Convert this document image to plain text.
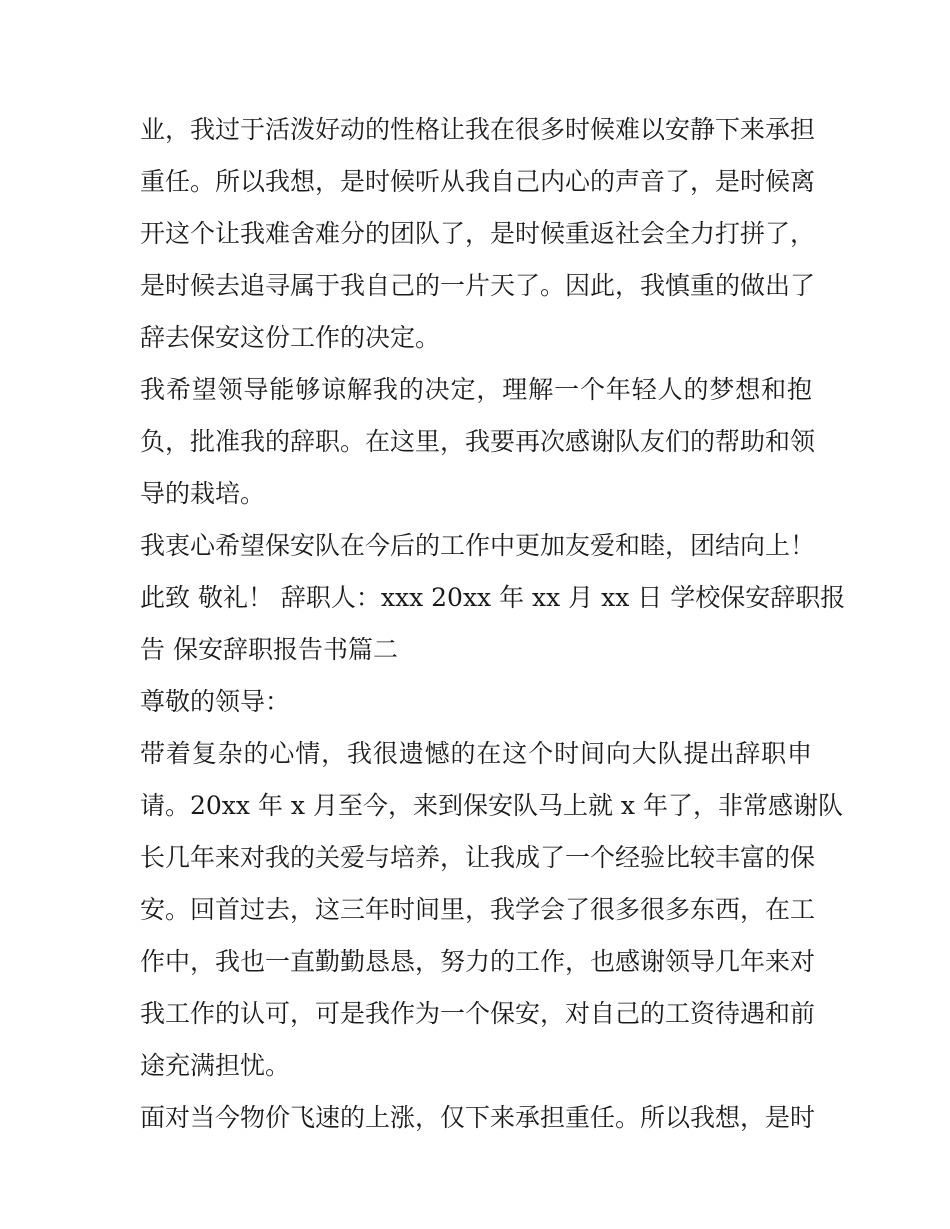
业，我过于活泼好动的性格让我在很多时候难以安静下来承担
重任。所以我想，是时候听从我自己内心的声音了，是时候离
开这个让我难舍难分的团队了，是时候重返社会全力打拼了，
是时候去追寻属于我自己的一片天了。因此，我慎重的做出了
辞去保安这份工作的决定。
我希望领导能够谅解我的决定，理解一个年轻人的梦想和抱
负，批准我的辞职。在这里，我要再次感谢队友们的帮助和领
导的栽培。
我衷心希望保安队在今后的工作中更加友爱和睦，团结向上！
此致 敬礼！ 辞职人：xxx 20xx 年 xx 月 xx 日 学校保安辞职报
告 保安辞职报告书篇二
尊敬的领导：
带着复杂的心情，我很遗憾的在这个时间向大队提出辞职申
请。20xx 年 x 月至今，来到保安队马上就 x 年了，非常感谢队
长几年来对我的关爱与培养，让我成了一个经验比较丰富的保
安。回首过去，这三年时间里，我学会了很多很多东西，在工
作中，我也一直勤勤恳恳，努力的工作，也感谢领导几年来对
我工作的认可，可是我作为一个保安，对自己的工资待遇和前
途充满担忧。
面对当今物价飞速的上涨，仅下来承担重任。所以我想，是时
